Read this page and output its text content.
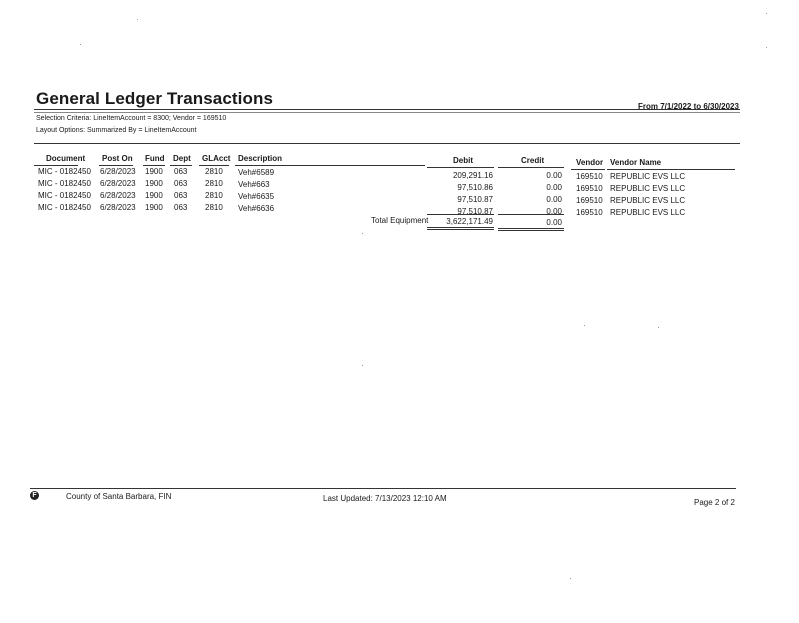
General Ledger Transactions	From 7/1/2022 to 6/30/2023
Selection Criteria: LineItemAccount = 8300; Vendor = 169510
Layout Options: Summarized By = LineItemAccount
Document Post On Fund Dept GLAcct Description	Debit	Credit	Vendor Vendor Name
MIC - 0182450	6/28/2023 1900 063	2810 Veh#6589	209,291.16	0.00 169510 REPUBLIC EVS LLC
MIC - 0182450	6/28/2023 1900 063	2810 Veh#663	97,510.86	0.00 169510 REPUBLIC EVS LLC
MIC - 0182450	6/28/2023 1900 063	2810 Veh#6635	97,510.87	0.00 169510 REPUBLIC EVS LLC
MIC - 0182450	6/28/2023 1900 063	2810 Veh#6636	97,510.87	0.00 169510 REPUBLIC EVS LLC
Total Equipment	3,622,171.49	0.00
F	County of Santa Barbara, FIN	Last Updated: 7/13/2023 12:10 AM	Page 2 of 2
